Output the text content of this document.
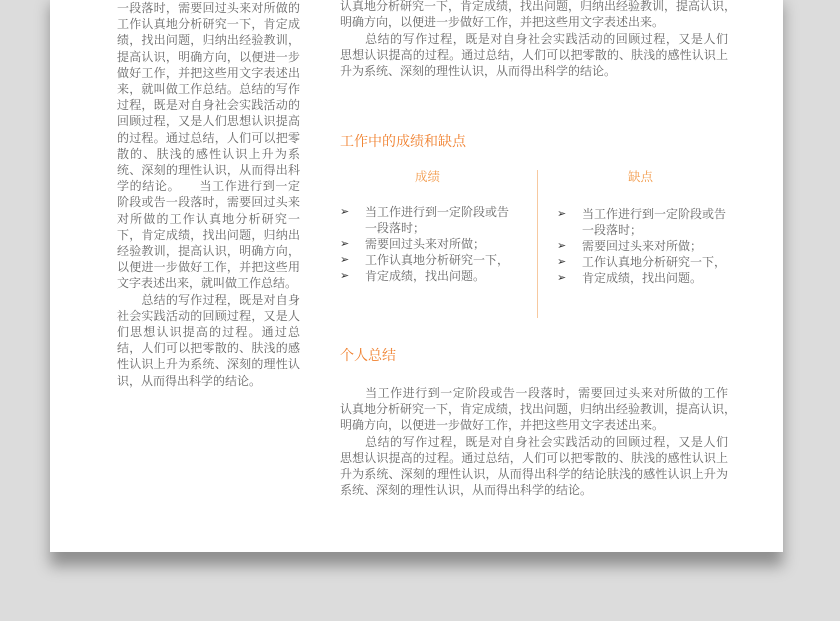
一段落时，需要回过头来对所做的
工作认真地分析研究一下，肯定成
绩，找出问题，归纳出经验教训，
提高认识，明确方向，以便进一步
做好工作，并把这些用文字表述出
来，就叫做工作总结。总结的写作
过程，既是对自身社会实践活动的
回顾过程，又是人们思想认识提高
的过程。通过总结，人们可以把零
散的、肤浅的感性认识上升为系
统、深刻的理性认识，从而得出科
学的结论。　　当工作进行到一定
阶段或告一段落时，需要回过头来
对所做的工作认真地分析研究一
下，肯定成绩，找出问题，归纳出
经验教训，提高认识，明确方向，
以便进一步做好工作，并把这些用
文字表述出来，就叫做工作总结。
　　总结的写作过程，既是对自身
社会实践活动的回顾过程，又是人
们思想认识提高的过程。通过总
结，人们可以把零散的、肤浅的感
性认识上升为系统、深刻的理性认
识，从而得出科学的结论。
认真地分析研究一下，肯定成绩，找出问题，归纳出经验教训，提高认识，
明确方向，以便进一步做好工作，并把这些用文字表述出来。
　　总结的写作过程，既是对自身社会实践活动的回顾过程，又是人们
思想认识提高的过程。通过总结，人们可以把零散的、肤浅的感性认识上
升为系统、深刻的理性认识，从而得出科学的结论。
工作中的成绩和缺点
成绩	缺点
➢ 当工作进行到一定阶段或告
一段落时；
➢ 需要回过头来对所做；
➢ 工作认真地分析研究一下，
➢ 肯定成绩，找出问题。
➢ 当工作进行到一定阶段或告
一段落时；
➢ 需要回过头来对所做；
➢ 工作认真地分析研究一下，
➢ 肯定成绩，找出问题。
个人总结
　　当工作进行到一定阶段或告一段落时，需要回过头来对所做的工作
认真地分析研究一下，肯定成绩，找出问题，归纳出经验教训，提高认识，
明确方向，以便进一步做好工作，并把这些用文字表述出来。
　　总结的写作过程，既是对自身社会实践活动的回顾过程，又是人们
思想认识提高的过程。通过总结，人们可以把零散的、肤浅的感性认识上
升为系统、深刻的理性认识，从而得出科学的结论肤浅的感性认识上升为
系统、深刻的理性认识，从而得出科学的结论。
